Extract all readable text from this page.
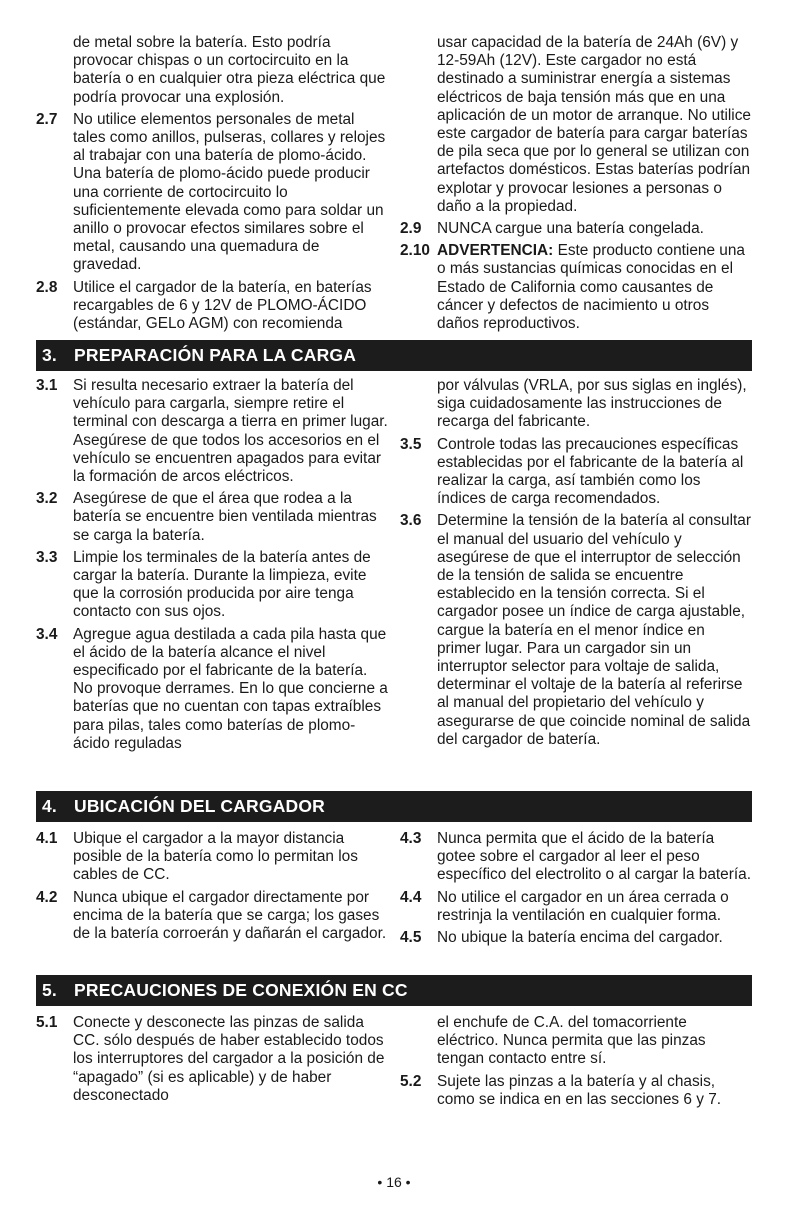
de metal sobre la batería. Esto podría provocar chispas o un cortocircuito en la batería o en cualquier otra pieza eléctrica que podría provocar una explosión.
2.7	No utilice elementos personales de metal tales como anillos, pulseras, collares y relojes al trabajar con una batería de plomo-ácido. Una batería de plomo-ácido puede producir una corriente de cortocircuito lo suficientemente elevada como para soldar un anillo o provocar efectos similares sobre el metal, causando una quemadura de gravedad.
2.8	Utilice el cargador de la batería, en baterías recargables de 6 y 12V de PLOMO-ÁCIDO (estándar, GELo AGM) con recomienda
usar capacidad de la batería de 24Ah (6V) y 12-59Ah (12V). Este cargador no está destinado a suministrar energía a sistemas eléctricos de baja tensión más que en una aplicación de un motor de arranque. No utilice este cargador de batería para cargar baterías de pila seca que por lo general se utilizan con artefactos domésticos. Estas baterías podrían explotar y provocar lesiones a personas o daño a la propiedad.
2.9	NUNCA cargue una batería congelada.
2.10 ADVERTENCIA: Este producto contiene una o más sustancias químicas conocidas en el Estado de California como causantes de cáncer y defectos de nacimiento u otros daños reproductivos.
3. PREPARACIÓN PARA LA CARGA
3.1	Si resulta necesario extraer la batería del vehículo para cargarla, siempre retire el terminal con descarga a tierra en primer lugar. Asegúrese de que todos los accesorios en el vehículo se encuentren apagados para evitar la formación de arcos eléctricos.
3.2	Asegúrese de que el área que rodea a la batería se encuentre bien ventilada mientras se carga la batería.
3.3	Limpie los terminales de la batería antes de cargar la batería. Durante la limpieza, evite que la corrosión producida por aire tenga contacto con sus ojos.
3.4	Agregue agua destilada a cada pila hasta que el ácido de la batería alcance el nivel especificado por el fabricante de la batería. No provoque derrames. En lo que concierne a baterías que no cuentan con tapas extraíbles para pilas, tales como baterías de plomo-ácido reguladas
por válvulas (VRLA, por sus siglas en inglés), siga cuidadosamente las instrucciones de recarga del fabricante.
3.5	Controle todas las precauciones específicas establecidas por el fabricante de la batería al realizar la carga, así también como los índices de carga recomendados.
3.6	Determine la tensión de la batería al consultar el manual del usuario del vehículo y asegúrese de que el interruptor de selección de la tensión de salida se encuentre establecido en la tensión correcta. Si el cargador posee un índice de carga ajustable, cargue la batería en el menor índice en primer lugar. Para un cargador sin un interruptor selector para voltaje de salida, determinar el voltaje de la batería al referirse al manual del propietario del vehículo y asegurarse de que coincide nominal de salida del cargador de batería.
4. UBICACIÓN DEL CARGADOR
4.1	Ubique el cargador a la mayor distancia posible de la batería como lo permitan los cables de CC.
4.2	Nunca ubique el cargador directamente por encima de la batería que se carga; los gases de la batería corroerán y dañarán el cargador.
4.3	Nunca permita que el ácido de la batería gotee sobre el cargador al leer el peso específico del electrolito o al cargar la batería.
4.4	No utilice el cargador en un área cerrada o restrinja la ventilación en cualquier forma.
4.5	No ubique la batería encima del cargador.
5. PRECAUCIONES DE CONEXIÓN EN CC
5.1	Conecte y desconecte las pinzas de salida CC. sólo después de haber establecido todos los interruptores del cargador a la posición de “apagado” (si es aplicable) y de haber desconectado
el enchufe de C.A. del tomacorriente eléctrico. Nunca permita que las pinzas tengan contacto entre sí.
5.2	Sujete las pinzas a la batería y al chasis, como se indica en en las secciones 6 y 7.
• 16 •
